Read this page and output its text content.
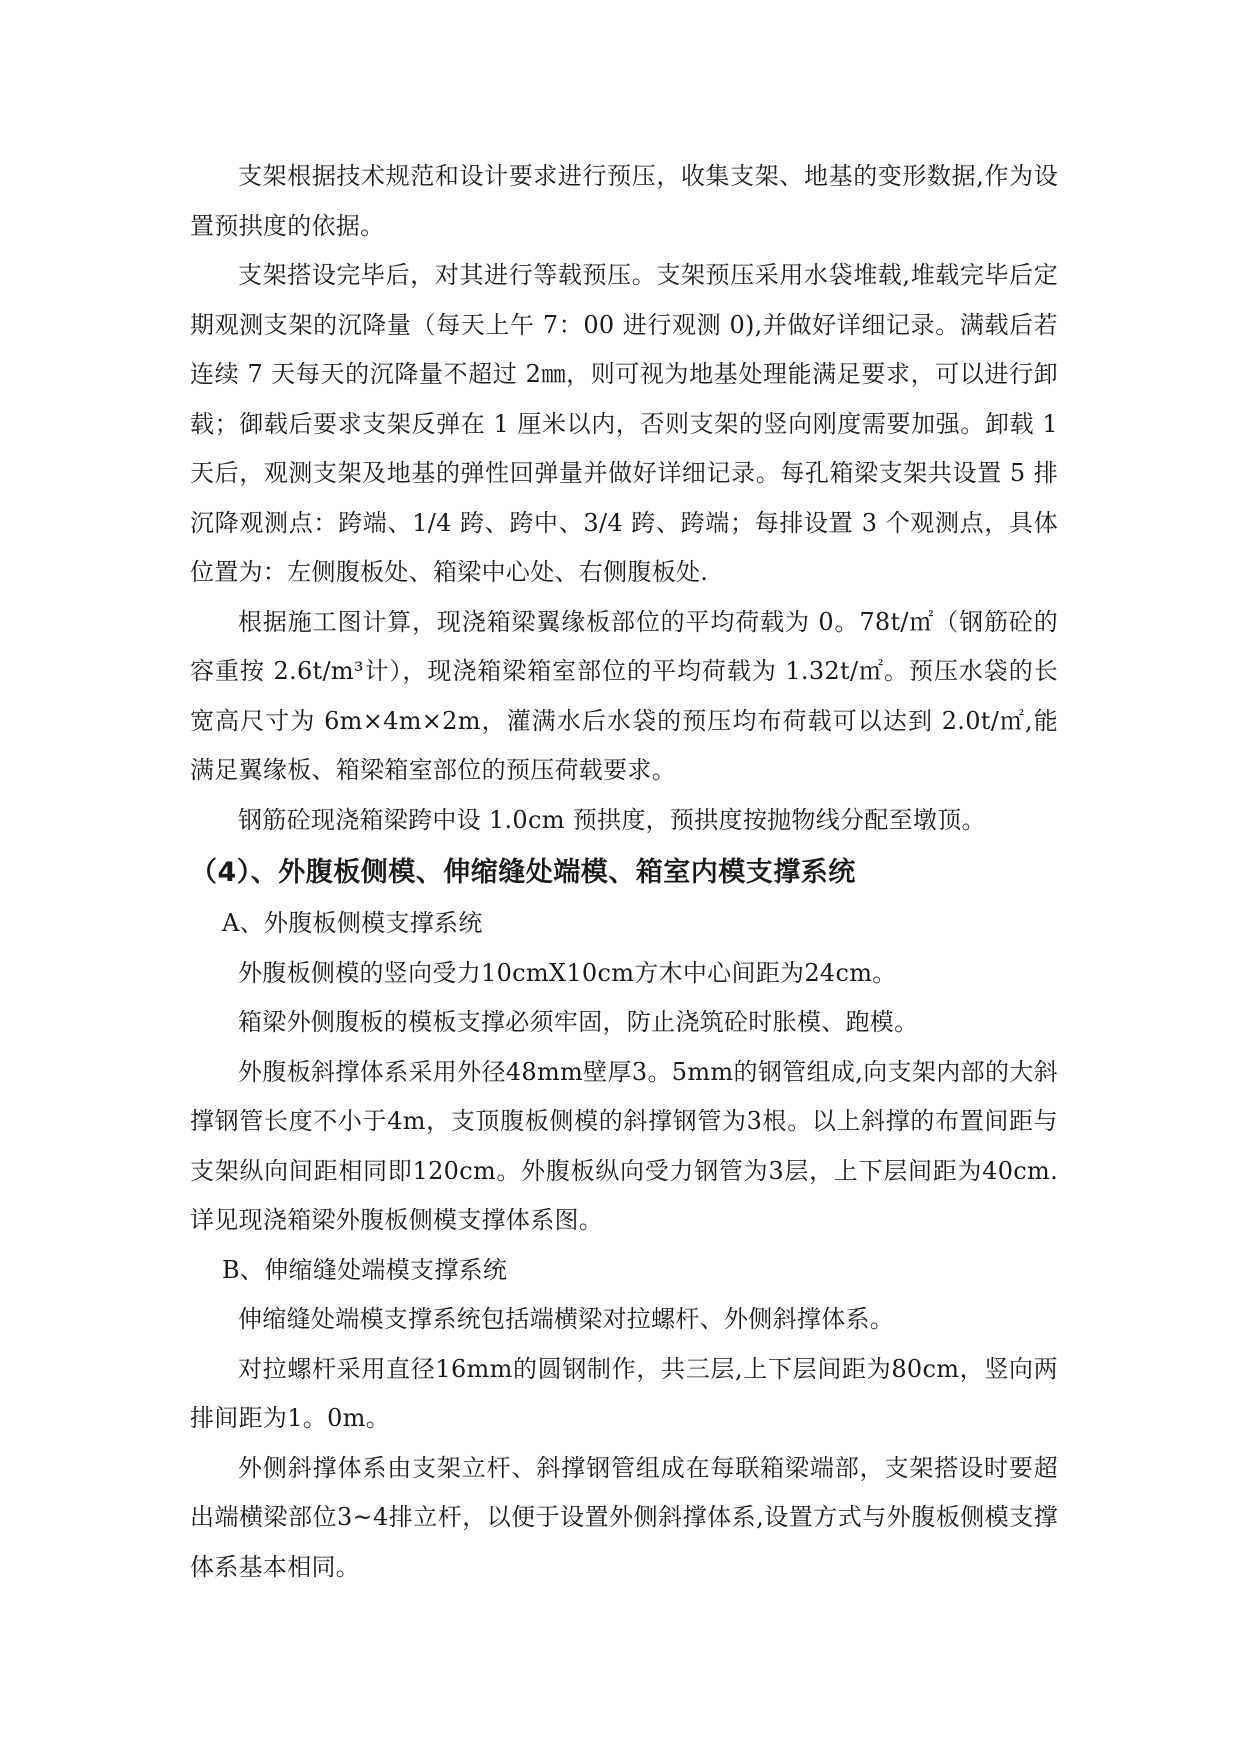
支架根据技术规范和设计要求进行预压，收集支架、地基的变形数据,作为设置预拱度的依据。

支架搭设完毕后，对其进行等载预压。支架预压采用水袋堆载,堆载完毕后定期观测支架的沉降量（每天上午 7：00 进行观测 0),并做好详细记录。满载后若连续 7 天每天的沉降量不超过 2㎜，则可视为地基处理能满足要求，可以进行卸载；御载后要求支架反弹在 1 厘米以内，否则支架的竖向刚度需要加强。卸载 1 天后，观测支架及地基的弹性回弹量并做好详细记录。每孔箱梁支架共设置 5 排沉降观测点：跨端、1/4 跨、跨中、3/4 跨、跨端；每排设置 3 个观测点，具体位置为：左侧腹板处、箱梁中心处、右侧腹板处.

根据施工图计算，现浇箱梁翼缘板部位的平均荷载为 0。78t/㎡（钢筋砼的容重按 2.6t/m³计），现浇箱梁箱室部位的平均荷载为 1.32t/㎡。预压水袋的长宽高尺寸为 6m×4m×2m，灌满水后水袋的预压均布荷载可以达到 2.0t/㎡,能满足翼缘板、箱梁箱室部位的预压荷载要求。

钢筋砼现浇箱梁跨中设 1.0cm 预拱度，预拱度按抛物线分配至墩顶。

（4）、外腹板侧模、伸缩缝处端模、箱室内模支撑系统

A、外腹板侧模支撑系统

外腹板侧模的竖向受力10cmX10cm方木中心间距为24cm。

箱梁外侧腹板的模板支撑必须牢固，防止浇筑砼时胀模、跑模。

外腹板斜撑体系采用外径48mm壁厚3。5mm的钢管组成,向支架内部的大斜撑钢管长度不小于4m，支顶腹板侧模的斜撑钢管为3根。以上斜撑的布置间距与支架纵向间距相同即120cm。外腹板纵向受力钢管为3层，上下层间距为40cm.详见现浇箱梁外腹板侧模支撑体系图。

B、伸缩缝处端模支撑系统

伸缩缝处端模支撑系统包括端横梁对拉螺杆、外侧斜撑体系。

对拉螺杆采用直径16mm的圆钢制作，共三层,上下层间距为80cm，竖向两排间距为1。0m。

外侧斜撑体系由支架立杆、斜撑钢管组成在每联箱梁端部，支架搭设时要超出端横梁部位3~4排立杆，以便于设置外侧斜撑体系,设置方式与外腹板侧模支撑体系基本相同。
